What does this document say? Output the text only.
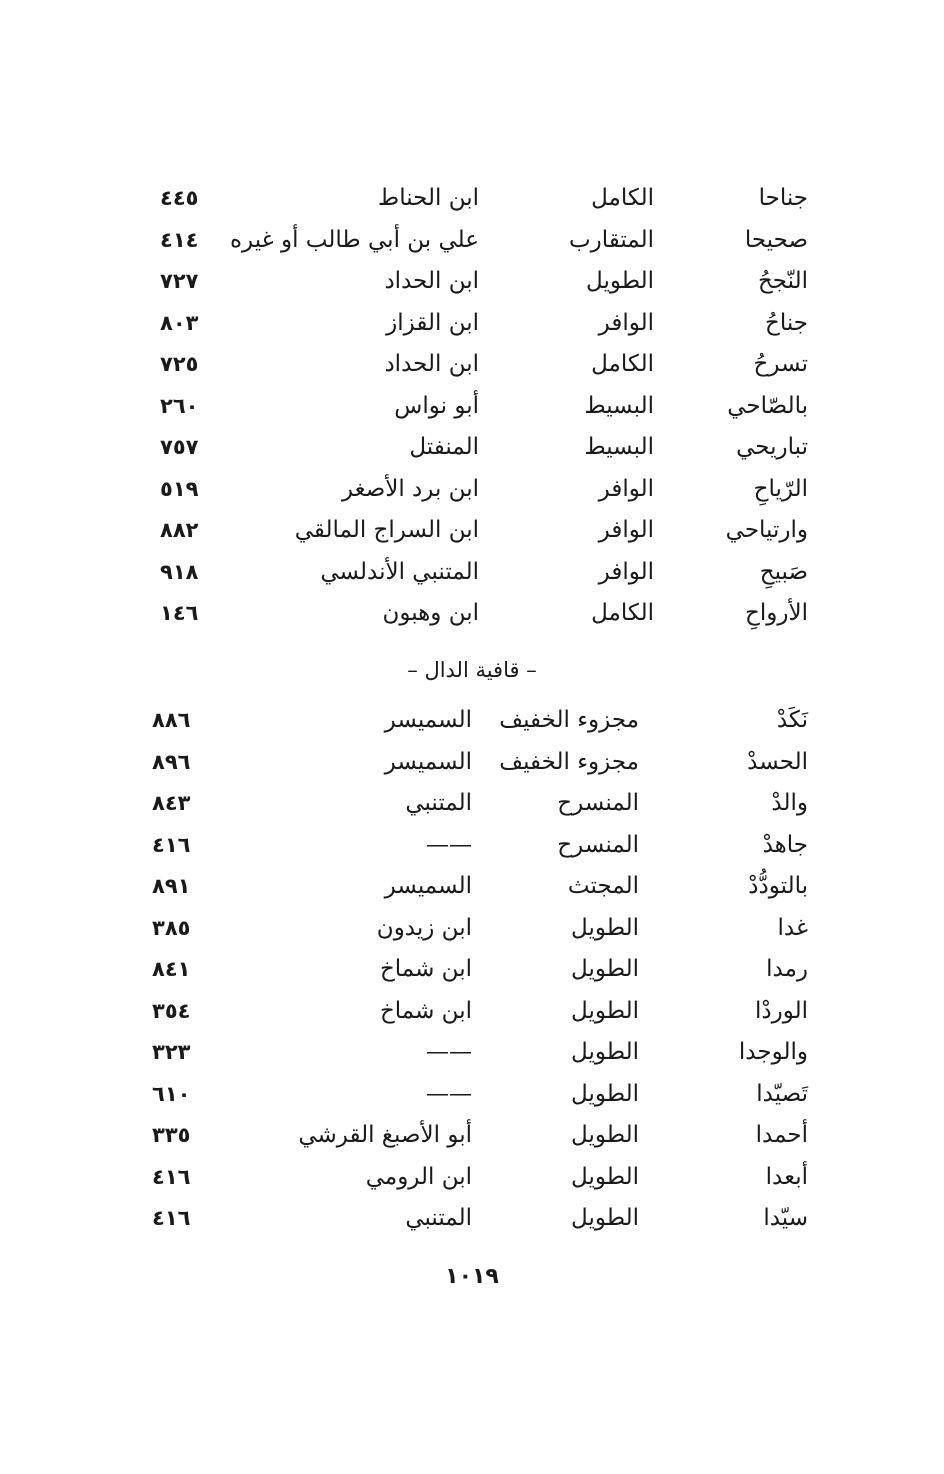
جناحا
الكامل
ابن الحناط
٤٤٥
صحيحا
المتقارب
علي بن أبي طالب أو غيره
٤١٤
النّجحُ
الطويل
ابن الحداد
٧٢٧
جناحُ
الوافر
ابن القزاز
٨٠٣
تسرحُ
الكامل
ابن الحداد
٧٢٥
بالصّاحي
البسيط
أبو نواس
٢٦٠
تباريحي
البسيط
المنفتل
٧٥٧
الرّياحِ
الوافر
ابن برد الأصغر
٥١٩
وارتياحي
الوافر
ابن السراج المالقي
٨٨٢
صَبيحِ
الوافر
المتنبي الأندلسي
٩١٨
الأرواحِ
الكامل
ابن وهبون
١٤٦
– قافية الدال –
نَكَدْ
مجزوء الخفيف
السميسر
٨٨٦
الحسدْ
مجزوء الخفيف
السميسر
٨٩٦
والدْ
المنسرح
المتنبي
٨٤٣
جاهدْ
المنسرح
——
٤١٦
بالتودُّدْ
المجتث
السميسر
٨٩١
غدا
الطويل
ابن زيدون
٣٨٥
رمدا
الطويل
ابن شماخ
٨٤١
الوردْا
الطويل
ابن شماخ
٣٥٤
والوجدا
الطويل
——
٣٢٣
تَصيّدا
الطويل
——
٦١٠
أحمدا
الطويل
أبو الأصبغ القرشي
٣٣٥
أبعدا
الطويل
ابن الرومي
٤١٦
سيّدا
الطويل
المتنبي
٤١٦
١٠١٩
